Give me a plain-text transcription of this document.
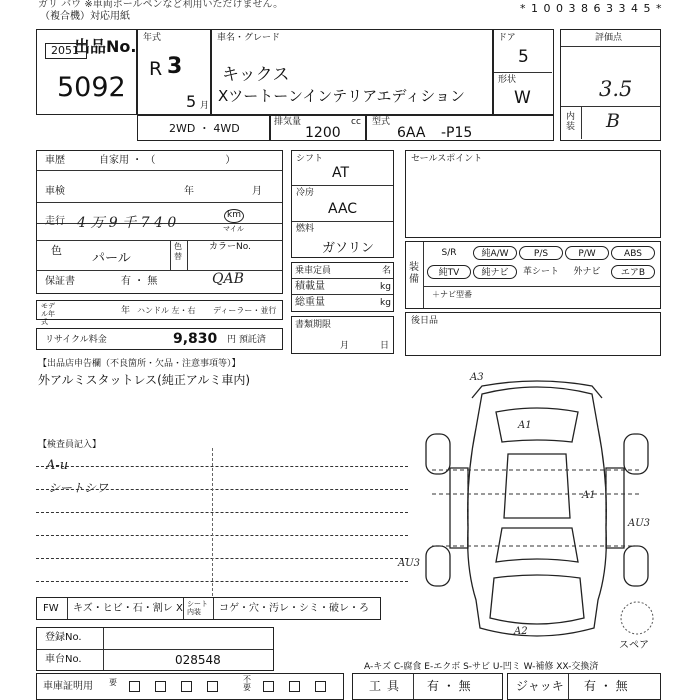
ガリ バウ ※車両ボールペンなど利用いただけません。
（複合機）対応用紙
* 1 0 0 3 8 6 3 3 4 5 *
出品No.
2051
5092
年式
R 3
5 月
車名・グレード
キックス
Xツートーンインテリアエディション
ドア
5
形状
W
評価点
3.5
内装 B
2WD ・ 4WD	排気量
1200
cc 型式
6AA -P15
車歴	自家用 ・ （　　　　　　　）
車検	年	月
走行 4 万 9 千 7 4 0	km
マイル
色
パール
色替
カラーNo.
QAB
保証書	有 ・ 無
モデル年式
年 ハンドル 左・右 ディーラー・並行
リサイクル料金	9,830 円 預託済
シフト
AT
冷房
AAC
燃料
ガソリン
乗車定員	名
積載量	kg
総重量	kg
書類期限
月	日
セールスポイント
装備
S/R	純A/W	P/S	P/W	ABS
純TV	純ナビ	革シート	外ナビ	エアB
＋ナビ型番
後日品
【出品店申告欄（不良箇所・欠品・注意事項等）】
外アルミスタットレス(純正アルミ車内)
【検査員記入】
A-u
シートシワ
FW キズ・ヒビ・石・割レ X シート内装	コゲ・穴・汚レ・シミ・破レ・ろ
登録No.
車台No.	028548
車庫証明用 要	不要	工具 有 ・ 無	ジャッキ 有 ・ 無
A-キズ C-腐食 E-エクボ S-サビ U-凹ミ W-補修 XX-交換済
A3
A1
A1
AU3
AU3
A2
スペア
